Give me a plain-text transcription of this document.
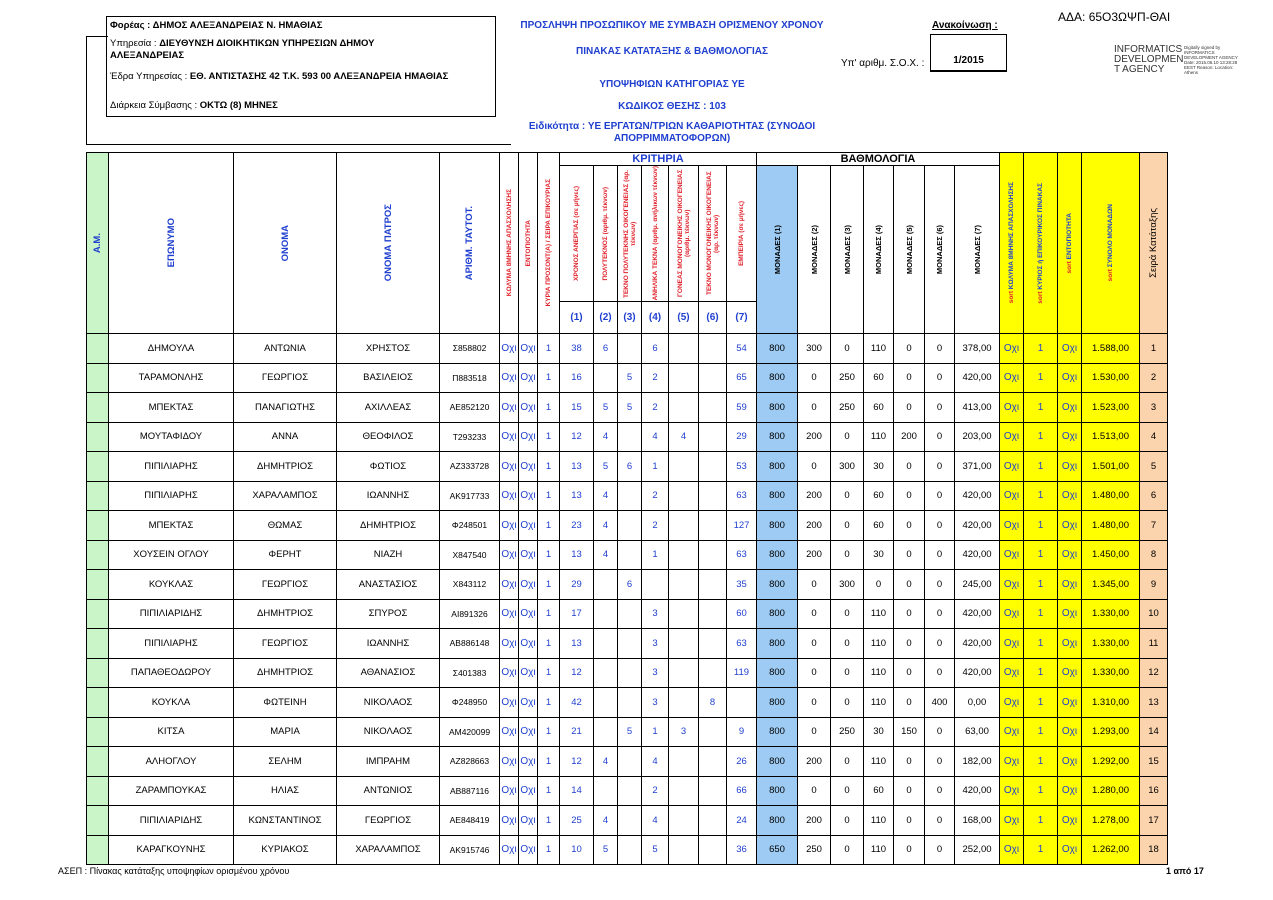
ΑΔΑ: 65Ο3ΩΨΠ-ΘΑΙ
Φορέας : ΔΗΜΟΣ ΑΛΕΞΑΝΔΡΕΙΑΣ Ν. ΗΜΑΘΙΑΣ
Υπηρεσία : ΔΙΕΥΘΥΝΣΗ ΔΙΟΙΚΗΤΙΚΩΝ ΥΠΗΡΕΣΙΩΝ ΔΗΜΟΥ
ΑΛΕΞΑΝΔΡΕΙΑΣ
Έδρα Υπηρεσίας : ΕΘ. ΑΝΤΙΣΤΑΣΗΣ 42 Τ.Κ. 593 00 ΑΛΕΞΑΝΔΡΕΙΑ ΗΜΑΘΙΑΣ
Διάρκεια Σύμβασης : ΟΚΤΩ (8) ΜΗΝΕΣ
ΠΡΟΣΛΗΨΗ ΠΡΟΣΩΠΙΚΟΥ ΜΕ ΣΥΜΒΑΣΗ ΟΡΙΣΜΕΝΟΥ ΧΡΟΝΟΥ
ΠΙΝΑΚΑΣ ΚΑΤΑΤΑΞΗΣ & ΒΑΘΜΟΛΟΓΙΑΣ
ΥΠΟΨΗΦΙΩΝ ΚΑΤΗΓΟΡΙΑΣ ΥΕ
ΚΩΔΙΚΟΣ ΘΕΣΗΣ : 103
Ειδικότητα : ΥΕ ΕΡΓΑΤΩΝ/ΤΡΙΩΝ ΚΑΘΑΡΙΟΤΗΤΑΣ (ΣΥΝΟΔΟΙ
ΑΠΟΡΡΙΜΜΑΤΟΦΟΡΩΝ)
Ανακοίνωση :
Υπ' αριθμ. Σ.Ο.Χ. :	1/2015
INFORMATICS DEVELOPMEN T AGENCY
Digitally signed by INFORMATICS DEVELOPMENT AGENCY Date: 2015.06.10 13:28:28 EEST Reason: Location: Athens
Α.Μ.	ΕΠΩΝΥΜΟ	ΟΝΟΜΑ	ΟΝΟΜΑ ΠΑΤΡΟΣ	ΑΡΙΘΜ. ΤΑΥΤΟΤ.	ΚΩΛΥΜΑ 8ΜΗΝΗΣ ΑΠΑΣΧΟΛΗΣΗΣ	ΕΝΤΟΠΙΟΤΗΤΑ	ΚΥΡΙΑ ΠΡΟΣΟΝΤ(Α) / ΣΕΙΡΑ ΕΠΙΚΟΥΡΙΑΣ	ΚΡΙΤΗΡΙΑ							ΒΑΘΜΟΛΟΓΙΑ							sort ΚΩΛΥΜΑ 8ΜΗΝΗΣ ΑΠΑΣΧΟΛΗΣΗΣ	sort ΚΥΡΙΟΣ ή ΕΠΙΚΟΥΡΙΚΟΣ ΠΙΝΑΚΑΣ	sort ΕΝΤΟΠΙΟΤΗΤΑ	sort ΣΥΝΟΛΟ ΜΟΝΑΔΩΝ	Σειρά Κατάταξης

								ΧΡΟΝΟΣ ΑΝΕΡΓΙΑΣ (σε μήνες)	ΠΟΛΥΤΕΚΝΟΣ (αριθμ. τέκνων)	ΤΕΚΝΟ ΠΟΛΥΤΕΚΝΗΣ ΟΙΚΟΓΕΝΕΙΑΣ (αρ. τέκνων)	ΑΝΗΛΙΚΑ ΤΕΚΝΑ (αριθμ. ανήλικων τέκνων)	ΓΟΝΕΑΣ ΜΟΝΟΓΟΝΕΙΚΗΣ ΟΙΚΟΓΕΝΕΙΑΣ (αριθμ. τέκνων)	ΤΕΚΝΟ ΜΟΝΟΓΟΝΕΙΚΗΣ ΟΙΚΟΓΕΝΕΙΑΣ (αρ. τέκνων)	ΕΜΠΕΙΡΙΑ (σε μήνες)	ΜΟΝΑΔΕΣ (1)	ΜΟΝΑΔΕΣ (2)	ΜΟΝΑΔΕΣ (3)	ΜΟΝΑΔΕΣ (4)	ΜΟΝΑΔΕΣ (5)	ΜΟΝΑΔΕΣ (6)	ΜΟΝΑΔΕΣ (7)					

								(1)	(2)	(3)	(4)	(5)	(6)	(7)												
	ΔΗΜΟΥΛΑ	ΑΝΤΩΝΙΑ	ΧΡΗΣΤΟΣ	Σ858802	Οχι	Οχι	1	38	6		6			54	800	300	0	110	0	0	378,00	Οχι	1	Οχι	1.588,00	1
	ΤΑΡΑΜΟΝΛΗΣ	ΓΕΩΡΓΙΟΣ	ΒΑΣΙΛΕΙΟΣ	Π883518	Οχι	Οχι	1	16		5	2			65	800	0	250	60	0	0	420,00	Οχι	1	Οχι	1.530,00	2
	ΜΠΕΚΤΑΣ	ΠΑΝΑΓΙΩΤΗΣ	ΑΧΙΛΛΕΑΣ	ΑΕ852120	Οχι	Οχι	1	15	5	5	2			59	800	0	250	60	0	0	413,00	Οχι	1	Οχι	1.523,00	3
	ΜΟΥΤΑΦΙΔΟΥ	ΑΝΝΑ	ΘΕΟΦΙΛΟΣ	Τ293233	Οχι	Οχι	1	12	4		4	4		29	800	200	0	110	200	0	203,00	Οχι	1	Οχι	1.513,00	4
	ΠΙΠΙΛΙΑΡΗΣ	ΔΗΜΗΤΡΙΟΣ	ΦΩΤΙΟΣ	ΑΖ333728	Οχι	Οχι	1	13	5	6	1			53	800	0	300	30	0	0	371,00	Οχι	1	Οχι	1.501,00	5
	ΠΙΠΙΛΙΑΡΗΣ	ΧΑΡΑΛΑΜΠΟΣ	ΙΩΑΝΝΗΣ	ΑΚ917733	Οχι	Οχι	1	13	4		2			63	800	200	0	60	0	0	420,00	Οχι	1	Οχι	1.480,00	6
	ΜΠΕΚΤΑΣ	ΘΩΜΑΣ	ΔΗΜΗΤΡΙΟΣ	Φ248501	Οχι	Οχι	1	23	4		2			127	800	200	0	60	0	0	420,00	Οχι	1	Οχι	1.480,00	7
	ΧΟΥΣΕΙΝ ΟΓΛΟΥ	ΦΕΡΗΤ	ΝΙΑΖΗ	Χ847540	Οχι	Οχι	1	13	4		1			63	800	200	0	30	0	0	420,00	Οχι	1	Οχι	1.450,00	8
	ΚΟΥΚΛΑΣ	ΓΕΩΡΓΙΟΣ	ΑΝΑΣΤΑΣΙΟΣ	Χ843112	Οχι	Οχι	1	29		6				35	800	0	300	0	0	0	245,00	Οχι	1	Οχι	1.345,00	9
	ΠΙΠΙΛΙΑΡΙΔΗΣ	ΔΗΜΗΤΡΙΟΣ	ΣΠΥΡΟΣ	ΑΙ891326	Οχι	Οχι	1	17			3			60	800	0	0	110	0	0	420,00	Οχι	1	Οχι	1.330,00	10
	ΠΙΠΙΛΙΑΡΗΣ	ΓΕΩΡΓΙΟΣ	ΙΩΑΝΝΗΣ	ΑΒ886148	Οχι	Οχι	1	13			3			63	800	0	0	110	0	0	420,00	Οχι	1	Οχι	1.330,00	11
	ΠΑΠΑΘΕΟΔΩΡΟΥ	ΔΗΜΗΤΡΙΟΣ	ΑΘΑΝΑΣΙΟΣ	Σ401383	Οχι	Οχι	1	12			3			119	800	0	0	110	0	0	420,00	Οχι	1	Οχι	1.330,00	12
	ΚΟΥΚΛΑ	ΦΩΤΕΙΝΗ	ΝΙΚΟΛΑΟΣ	Φ248950	Οχι	Οχι	1	42			3		8		800	0	0	110	0	400	0,00	Οχι	1	Οχι	1.310,00	13
	ΚΙΤΣΑ	ΜΑΡΙΑ	ΝΙΚΟΛΑΟΣ	ΑΜ420099	Οχι	Οχι	1	21		5	1	3		9	800	0	250	30	150	0	63,00	Οχι	1	Οχι	1.293,00	14
	ΑΛΗΟΓΛΟΥ	ΣΕΛΗΜ	ΙΜΠΡΑΗΜ	ΑΖ828663	Οχι	Οχι	1	12	4		4			26	800	200	0	110	0	0	182,00	Οχι	1	Οχι	1.292,00	15
	ΖΑΡΑΜΠΟΥΚΑΣ	ΗΛΙΑΣ	ΑΝΤΩΝΙΟΣ	ΑΒ887116	Οχι	Οχι	1	14			2			66	800	0	0	60	0	0	420,00	Οχι	1	Οχι	1.280,00	16
	ΠΙΠΙΛΙΑΡΙΔΗΣ	ΚΩΝΣΤΑΝΤΙΝΟΣ	ΓΕΩΡΓΙΟΣ	ΑΕ848419	Οχι	Οχι	1	25	4		4			24	800	200	0	110	0	0	168,00	Οχι	1	Οχι	1.278,00	17
	ΚΑΡΑΓΚΟΥΝΗΣ	ΚΥΡΙΑΚΟΣ	ΧΑΡΑΛΑΜΠΟΣ	ΑΚ915746	Οχι	Οχι	1	10	5		5			36	650	250	0	110	0	0	252,00	Οχι	1	Οχι	1.262,00	18
ΑΣΕΠ : Πίνακας κατάταξης υποψηφίων ορισμένου χρόνου	1 από 17
